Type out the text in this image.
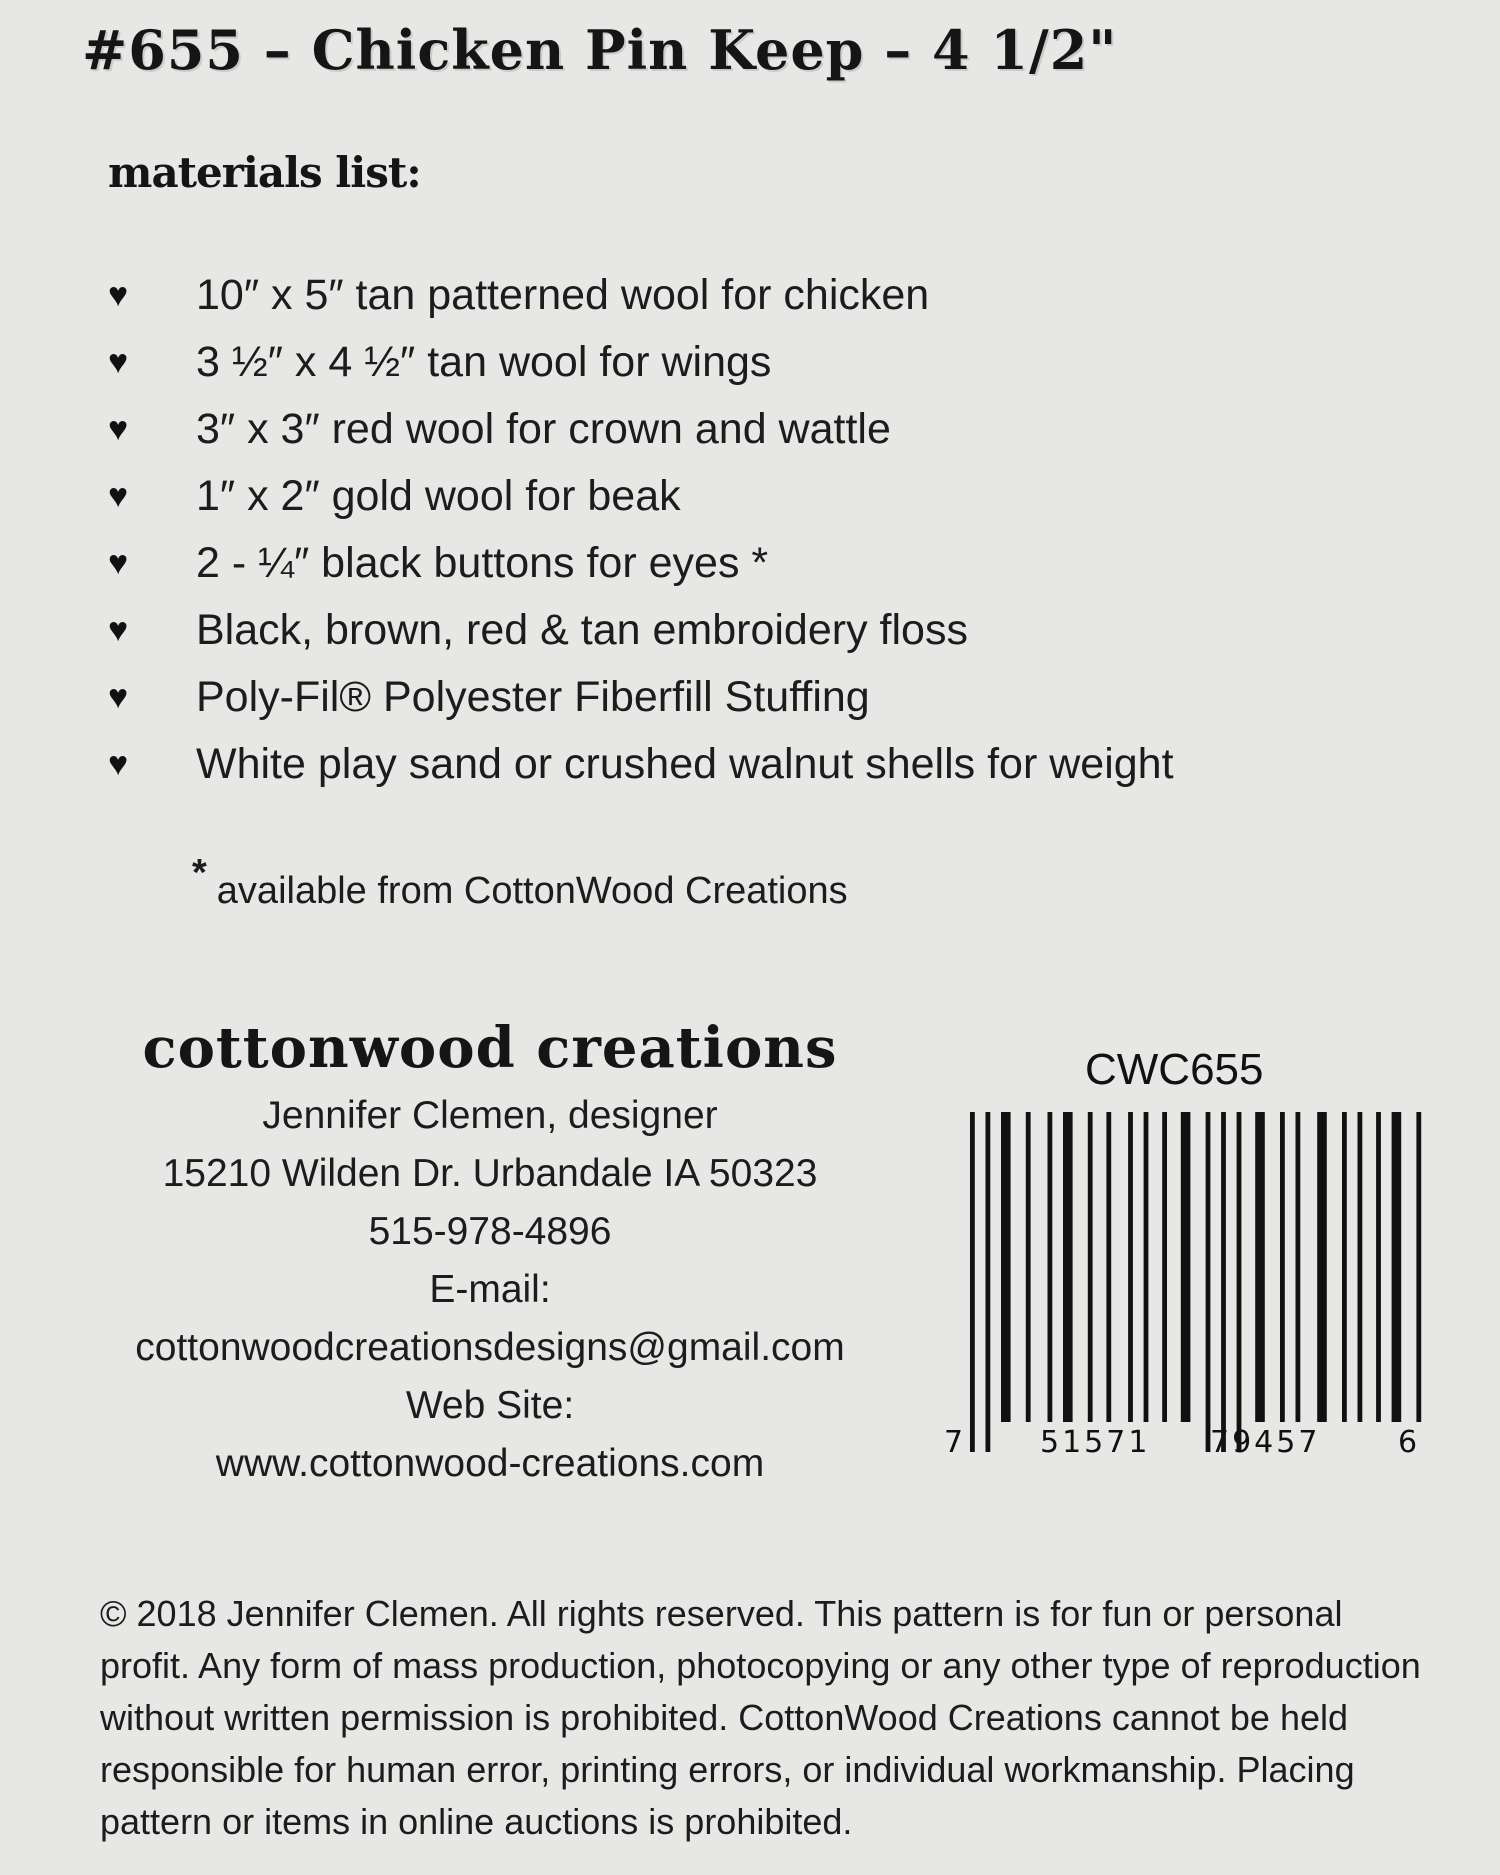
#655 – Chicken Pin Keep – 4 1/2"
materials list:
♥	10″ x 5″ tan patterned wool for chicken
♥	3 ½″ x 4 ½″ tan wool for wings
♥	3″ x 3″ red wool for crown and wattle
♥	1″ x 2″ gold wool for beak
♥	2 - ¼″ black buttons for eyes *
♥	Black, brown, red & tan embroidery floss
♥	Poly-Fil® Polyester Fiberfill Stuffing
♥	White play sand or crushed walnut shells for weight
* available from CottonWood Creations
cottonwood creations
Jennifer Clemen, designer
15210 Wilden Dr. Urbandale IA 50323
515-978-4896
E-mail:
cottonwoodcreationsdesigns@gmail.com
Web Site:
www.cottonwood-creations.com
CWC655
7	51571 79457	6
© 2018 Jennifer Clemen. All rights reserved. This pattern is for fun or personal profit. Any form of mass production, photocopying or any other type of reproduction without written permission is prohibited. CottonWood Creations cannot be held responsible for human error, printing errors, or individual workmanship. Placing pattern or items in online auctions is prohibited.
